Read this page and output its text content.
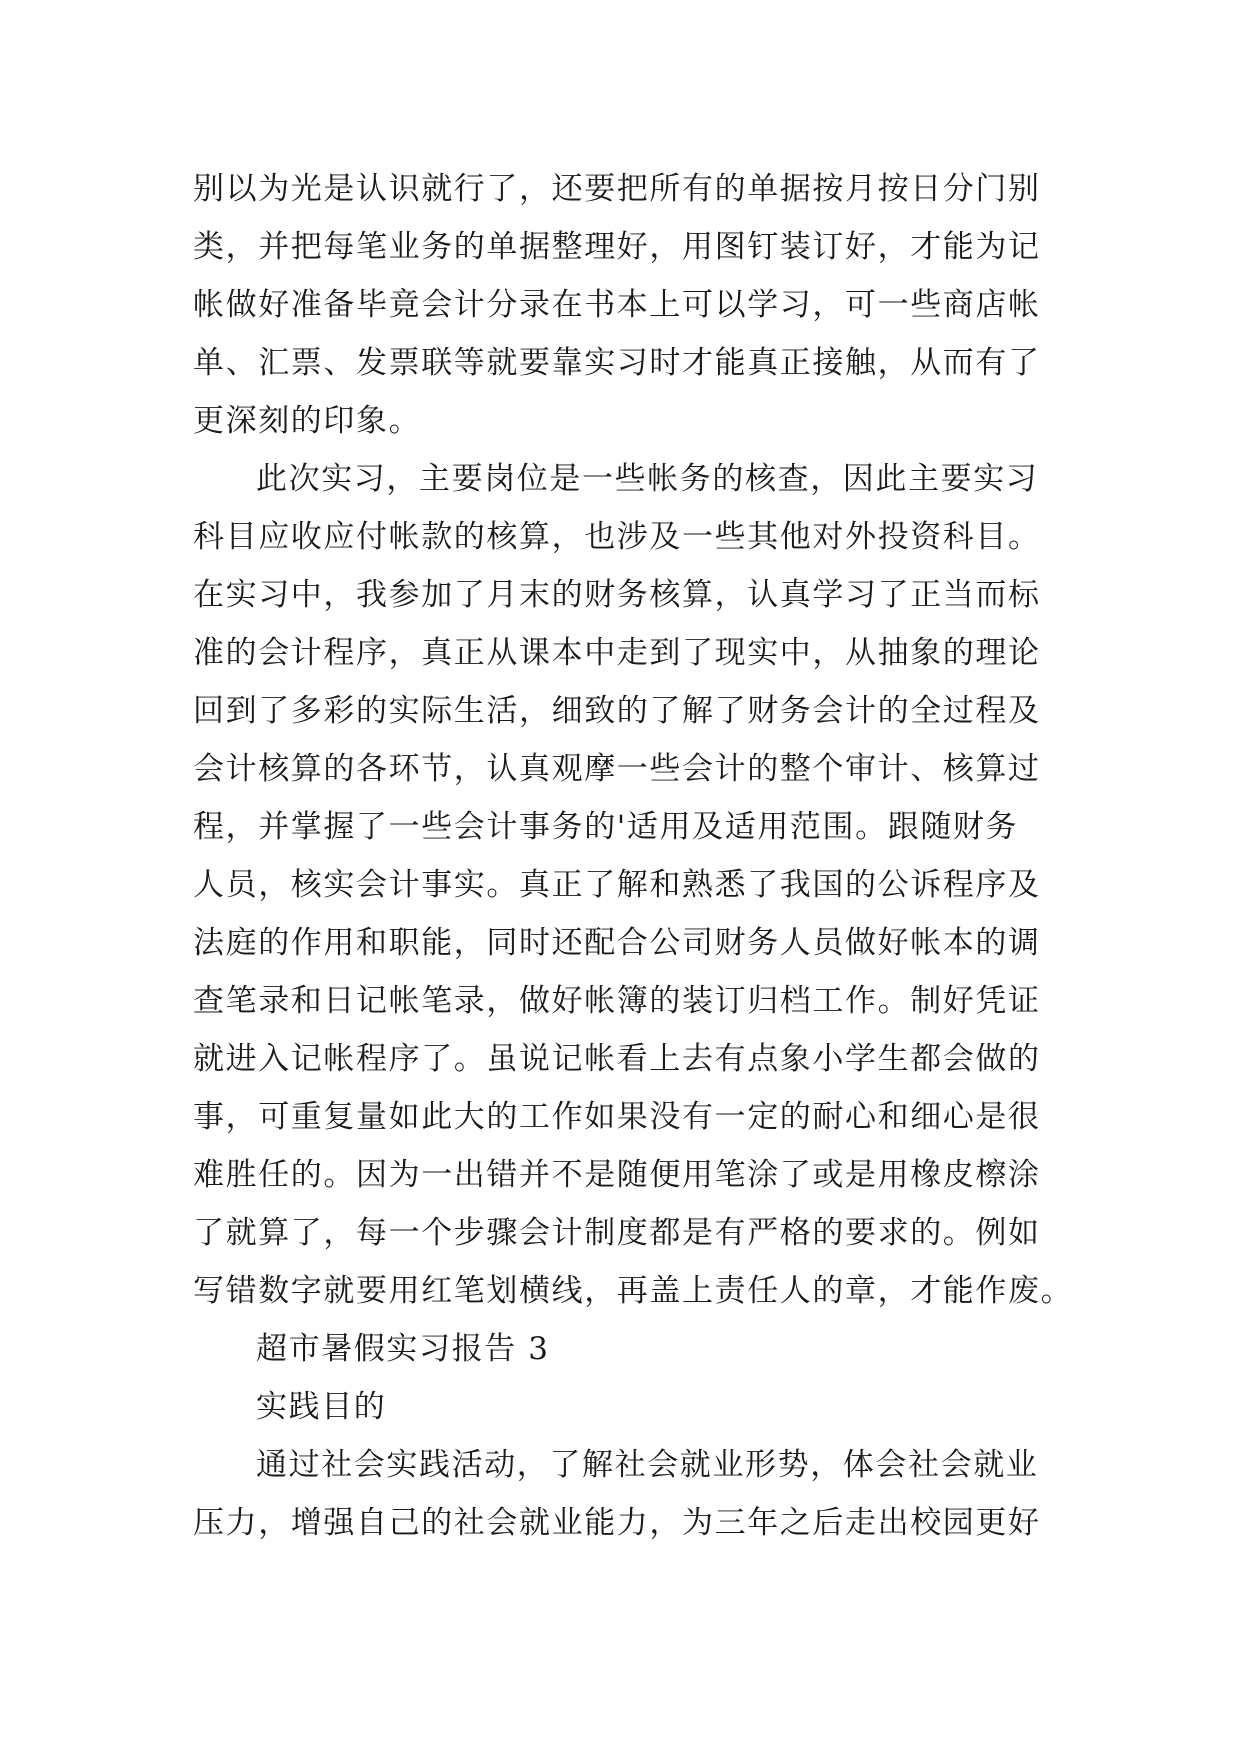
别以为光是认识就行了，还要把所有的单据按月按日分门别
类，并把每笔业务的单据整理好，用图钉装订好，才能为记
帐做好准备毕竟会计分录在书本上可以学习，可一些商店帐
单、汇票、发票联等就要靠实习时才能真正接触，从而有了
更深刻的印象。
此次实习，主要岗位是一些帐务的核查，因此主要实习
科目应收应付帐款的核算，也涉及一些其他对外投资科目。
在实习中，我参加了月末的财务核算，认真学习了正当而标
准的会计程序，真正从课本中走到了现实中，从抽象的理论
回到了多彩的实际生活，细致的了解了财务会计的全过程及
会计核算的各环节，认真观摩一些会计的整个审计、核算过
程，并掌握了一些会计事务的'适用及适用范围。跟随财务
人员，核实会计事实。真正了解和熟悉了我国的公诉程序及
法庭的作用和职能，同时还配合公司财务人员做好帐本的调
查笔录和日记帐笔录，做好帐簿的装订归档工作。制好凭证
就进入记帐程序了。虽说记帐看上去有点象小学生都会做的
事，可重复量如此大的工作如果没有一定的耐心和细心是很
难胜任的。因为一出错并不是随便用笔涂了或是用橡皮檫涂
了就算了，每一个步骤会计制度都是有严格的要求的。例如
写错数字就要用红笔划横线，再盖上责任人的章，才能作废。
超市暑假实习报告 3
实践目的
通过社会实践活动，了解社会就业形势，体会社会就业
压力，增强自己的社会就业能力，为三年之后走出校园更好
